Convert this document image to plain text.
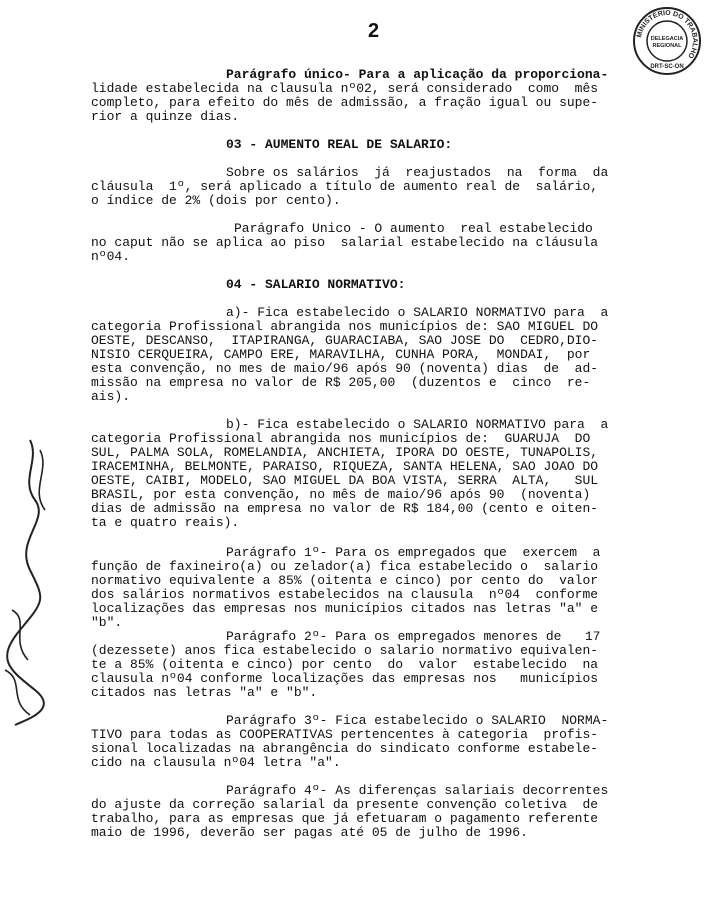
2	MINISTÉRIO DO TRABALHO
DRT-SC-ON
DELEGACIA
REGIONAL
Parágrafo único- Para a aplicação da proporciona-
lidade estabelecida na clausula nº02, será considerado  como  mês
completo, para efeito do mês de admissão, a fração igual ou supe-
rior a quinze dias.
03 - AUMENTO REAL DE SALARIO:
Sobre os salários  já  reajustados  na  forma  da
cláusula  1º, será aplicado a título de aumento real de  salário,
o índice de 2% (dois por cento).
Parágrafo Unico - O aumento  real estabelecido
no caput não se aplica ao piso  salarial estabelecido na cláusula
nº04.
04 - SALARIO NORMATIVO:
a)- Fica estabelecido o SALARIO NORMATIVO para  a
categoria Profissional abrangida nos municípios de: SAO MIGUEL DO
OESTE, DESCANSO,  ITAPIRANGA, GUARACIABA, SAO JOSE DO  CEDRO,DIO-
NISIO CERQUEIRA, CAMPO ERE, MARAVILHA, CUNHA PORA,  MONDAI,  por
esta convenção, no mes de maio/96 após 90 (noventa) dias  de  ad-
missão na empresa no valor de R$ 205,00  (duzentos e  cinco  re-
ais).
b)- Fica estabelecido o SALARIO NORMATIVO para  a
categoria Profissional abrangida nos municípios de:  GUARUJA  DO
SUL, PALMA SOLA, ROMELANDIA, ANCHIETA, IPORA DO OESTE, TUNAPOLIS,
IRACEMINHA, BELMONTE, PARAISO, RIQUEZA, SANTA HELENA, SAO JOAO DO
OESTE, CAIBI, MODELO, SAO MIGUEL DA BOA VISTA, SERRA  ALTA,   SUL
BRASIL, por esta convenção, no mês de maio/96 após 90  (noventa)
dias de admissão na empresa no valor de R$ 184,00 (cento e oiten-
ta e quatro reais).
Parágrafo 1º- Para os empregados que  exercem  a
função de faxineiro(a) ou zelador(a) fica estabelecido o  salario
normativo equivalente a 85% (oitenta e cinco) por cento do  valor
dos salários normativos estabelecidos na clausula  nº04  conforme
localizações das empresas nos municípios citados nas letras "a" e
"b".
Parágrafo 2º- Para os empregados menores de   17
(dezessete) anos fica estabelecido o salario normativo equivalen-
te a 85% (oitenta e cinco) por cento  do  valor  estabelecido  na
clausula nº04 conforme localizações das empresas nos   municípios
citados nas letras "a" e "b".
Parágrafo 3º- Fica estabelecido o SALARIO  NORMA-
TIVO para todas as COOPERATIVAS pertencentes à categoria  profis-
sional localizadas na abrangência do sindicato conforme estabele-
cido na clausula nº04 letra "a".
Parágrafo 4º- As diferenças salariais decorrentes
do ajuste da correção salarial da presente convenção coletiva  de
trabalho, para as empresas que já efetuaram o pagamento referente
maio de 1996, deverão ser pagas até 05 de julho de 1996.
